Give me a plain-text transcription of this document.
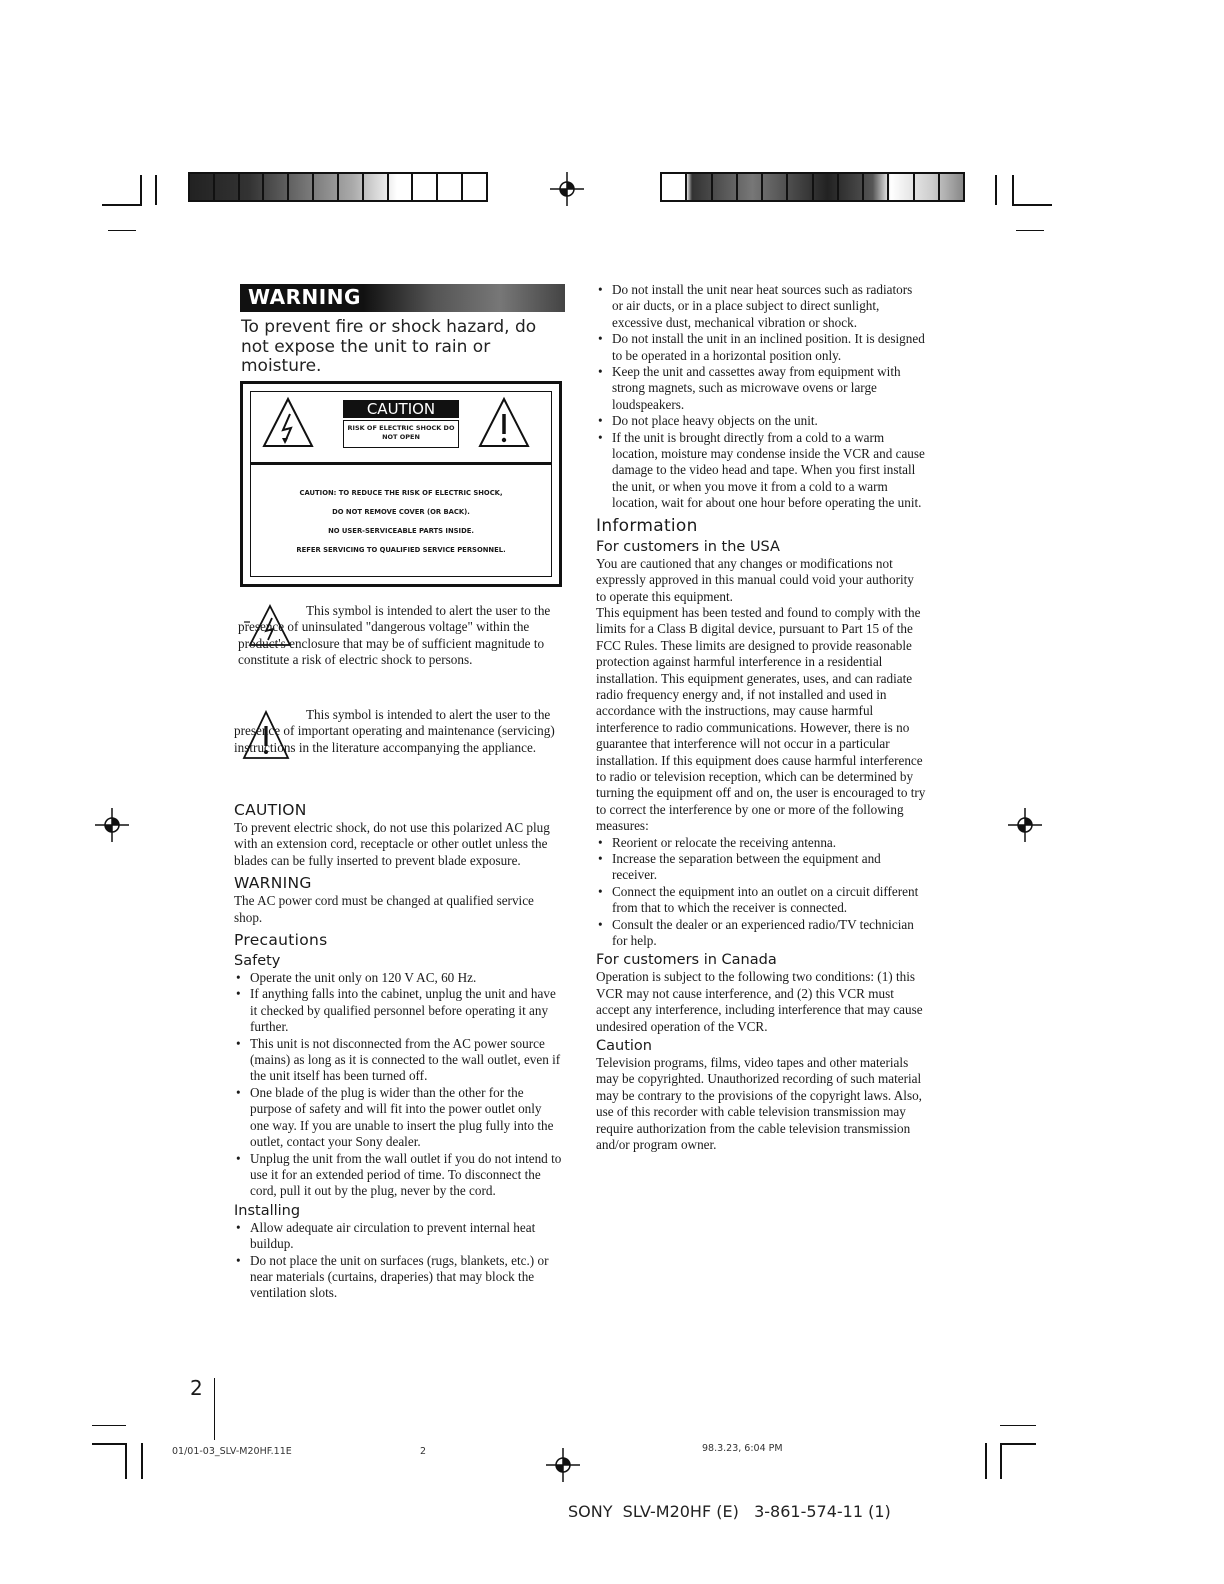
WARNING
To prevent fire or shock hazard, do not expose the unit to rain or moisture.
CAUTION
RISK OF ELECTRIC SHOCK DO NOT OPEN
CAUTION: TO REDUCE THE RISK OF ELECTRIC SHOCK,
DO NOT REMOVE COVER (OR BACK).
NO USER-SERVICEABLE PARTS INSIDE.
REFER SERVICING TO QUALIFIED SERVICE PERSONNEL.
This symbol is intended to alert the user to the presence of uninsulated "dangerous voltage" within the product's enclosure that may be of sufficient magnitude to constitute a risk of electric shock to persons.
This symbol is intended to alert the user to the presence of important operating and maintenance (servicing) instructions in the literature accompanying the appliance.
CAUTION

To prevent electric shock, do not use this polarized AC plug with an extension cord, receptacle or other outlet unless the blades can be fully inserted to prevent blade exposure.

WARNING

The AC power cord must be changed at qualified service shop.

Precautions
Safety
• Operate the unit only on 120 V AC, 60 Hz.
• If anything falls into the cabinet, unplug the unit and have it checked by qualified personnel before operating it any further.
• This unit is not disconnected from the AC power source (mains) as long as it is connected to the wall outlet, even if the unit itself has been turned off.
• One blade of the plug is wider than the other for the purpose of safety and will fit into the power outlet only one way. If you are unable to insert the plug fully into the outlet, contact your Sony dealer.
• Unplug the unit from the wall outlet if you do not intend to use it for an extended period of time. To disconnect the cord, pull it out by the plug, never by the cord.
Installing
• Allow adequate air circulation to prevent internal heat buildup.
• Do not place the unit on surfaces (rugs, blankets, etc.) or near materials (curtains, draperies) that may block the ventilation slots.
2
• Do not install the unit near heat sources such as radiators or air ducts, or in a place subject to direct sunlight, excessive dust, mechanical vibration or shock.
• Do not install the unit in an inclined position. It is designed to be operated in a horizontal position only.
• Keep the unit and cassettes away from equipment with strong magnets, such as microwave ovens or large loudspeakers.
• Do not place heavy objects on the unit.
• If the unit is brought directly from a cold to a warm location, moisture may condense inside the VCR and cause damage to the video head and tape. When you first install the unit, or when you move it from a cold to a warm location, wait for about one hour before operating the unit.
Information
For customers in the USA

You are cautioned that any changes or modifications not expressly approved in this manual could void your authority to operate this equipment.

This equipment has been tested and found to comply with the limits for a Class B digital device, pursuant to Part 15 of the FCC Rules. These limits are designed to provide reasonable protection against harmful interference in a residential installation. This equipment generates, uses, and can radiate radio frequency energy and, if not installed and used in accordance with the instructions, may cause harmful interference to radio communications. However, there is no guarantee that interference will not occur in a particular installation. If this equipment does cause harmful interference to radio or television reception, which can be determined by turning the equipment off and on, the user is encouraged to try to correct the interference by one or more of the following measures:

• Reorient or relocate the receiving antenna.
• Increase the separation between the equipment and receiver.
• Connect the equipment into an outlet on a circuit different from that to which the receiver is connected.
• Consult the dealer or an experienced radio/TV technician for help.
For customers in Canada

Operation is subject to the following two conditions: (1) this VCR may not cause interference, and (2) this VCR must accept any interference, including interference that may cause undesired operation of the VCR.

Caution

Television programs, films, video tapes and other materials may be copyrighted. Unauthorized recording of such material may be contrary to the provisions of the copyright laws. Also, use of this recorder with cable television transmission may require authorization from the cable television transmission and/or program owner.

01/01-03_SLV-M20HF.11E	2	98.3.23, 6:04 PM
SONY  SLV-M20HF (E)   3-861-574-11 (1)
